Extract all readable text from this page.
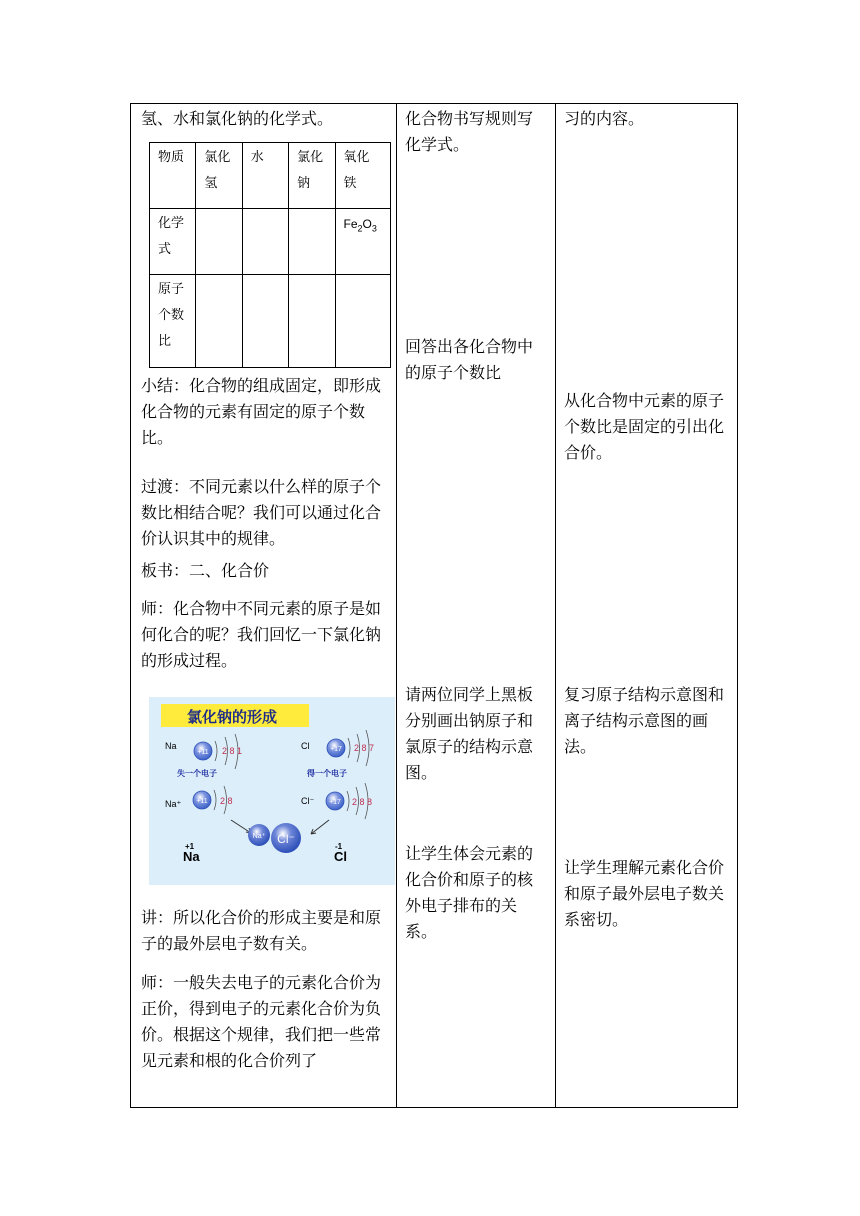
氢、水和氯化钠的化学式。

物质	氯化氢	水	氯化钠	氧化铁
化学式				$Fe_2O_3$
原子个数比				

小结：化合物的组成固定，即形成化合物的元素有固定的原子个数比。

过渡：不同元素以什么样的原子个数比相结合呢？我们可以通过化合价认识其中的规律。

板书：二、化合价

师：化合物中不同元素的原子是如何化合的呢？我们回忆一下氯化钠的形成过程。

氯化钠的形成
Na
+11 2 8 1
失一个电子
Cl	+17 2 8 7
得一个电子
Na⁺ +11 2 8	Cl⁻ +17 2 8 8
Na⁺ Cl⁻
+1
Na
-1
Cl

讲：所以化合价的形成主要是和原子的最外层电子数有关。

师：一般失去电子的元素化合价为正价，得到电子的元素化合价为负价。根据这个规律，我们把一些常见元素和根的化合价列了

化合物书写规则写化学式。

回答出各化合物中的原子个数比

请两位同学上黑板分别画出钠原子和氯原子的结构示意图。

让学生体会元素的化合价和原子的核外电子排布的关系。

习的内容。

从化合物中元素的原子个数比是固定的引出化合价。

复习原子结构示意图和离子结构示意图的画法。

让学生理解元素化合价和原子最外层电子数关系密切。
